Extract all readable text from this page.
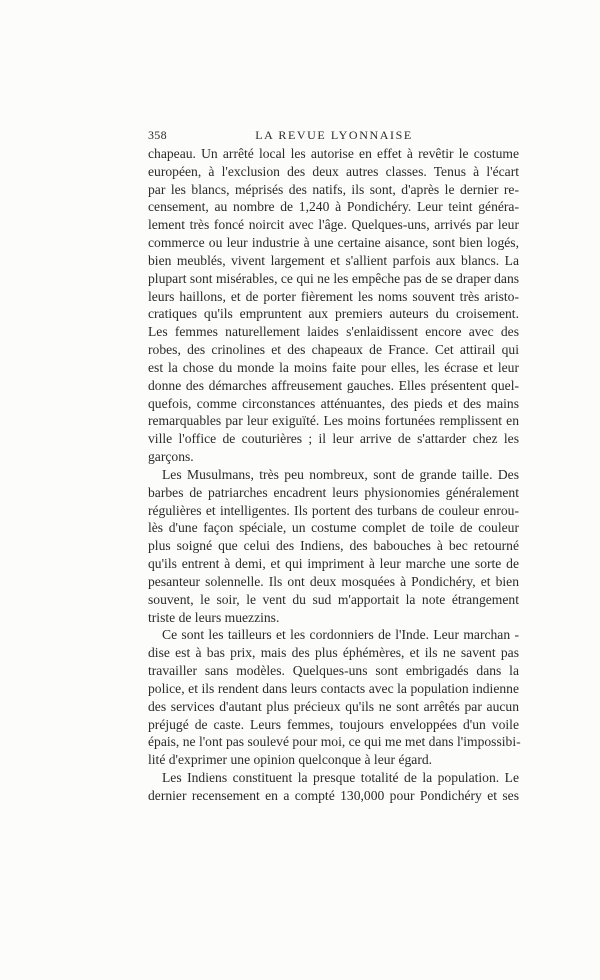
358	LA REVUE LYONNAISE
chapeau. Un arrêté local les autorise en effet à revêtir le costume
européen, à l'exclusion des deux autres classes. Tenus à l'écart
par les blancs, méprisés des natifs, ils sont, d'après le dernier re-
censement, au nombre de 1,240 à Pondichéry. Leur teint généra-
lement très foncé noircit avec l'âge. Quelques-uns, arrivés par leur
commerce ou leur industrie à une certaine aisance, sont bien logés,
bien meublés, vivent largement et s'allient parfois aux blancs. La
plupart sont misérables, ce qui ne les empêche pas de se draper dans
leurs haillons, et de porter fièrement les noms souvent très aristo-
cratiques qu'ils empruntent aux premiers auteurs du croisement.
Les femmes naturellement laides s'enlaidissent encore avec des
robes, des crinolines et des chapeaux de France. Cet attirail qui
est la chose du monde la moins faite pour elles, les écrase et leur
donne des démarches affreusement gauches. Elles présentent quel-
quefois, comme circonstances atténuantes, des pieds et des mains
remarquables par leur exiguïté. Les moins fortunées remplissent en
ville l'office de couturières ; il leur arrive de s'attarder chez les
garçons.
Les Musulmans, très peu nombreux, sont de grande taille. Des
barbes de patriarches encadrent leurs physionomies généralement
régulières et intelligentes. Ils portent des turbans de couleur enrou-
lès d'une façon spéciale, un costume complet de toile de couleur
plus soigné que celui des Indiens, des babouches à bec retourné
qu'ils entrent à demi, et qui impriment à leur marche une sorte de
pesanteur solennelle. Ils ont deux mosquées à Pondichéry, et bien
souvent, le soir, le vent du sud m'apportait la note étrangement
triste de leurs muezzins.
Ce sont les tailleurs et les cordonniers de l'Inde. Leur marchan -
dise est à bas prix, mais des plus éphémères, et ils ne savent pas
travailler sans modèles. Quelques-uns sont embrigadés dans la
police, et ils rendent dans leurs contacts avec la population indienne
des services d'autant plus précieux qu'ils ne sont arrêtés par aucun
préjugé de caste. Leurs femmes, toujours enveloppées d'un voile
épais, ne l'ont pas soulevé pour moi, ce qui me met dans l'impossibi-
lité d'exprimer une opinion quelconque à leur égard.
Les Indiens constituent la presque totalité de la population. Le
dernier recensement en a compté 130,000 pour Pondichéry et ses
